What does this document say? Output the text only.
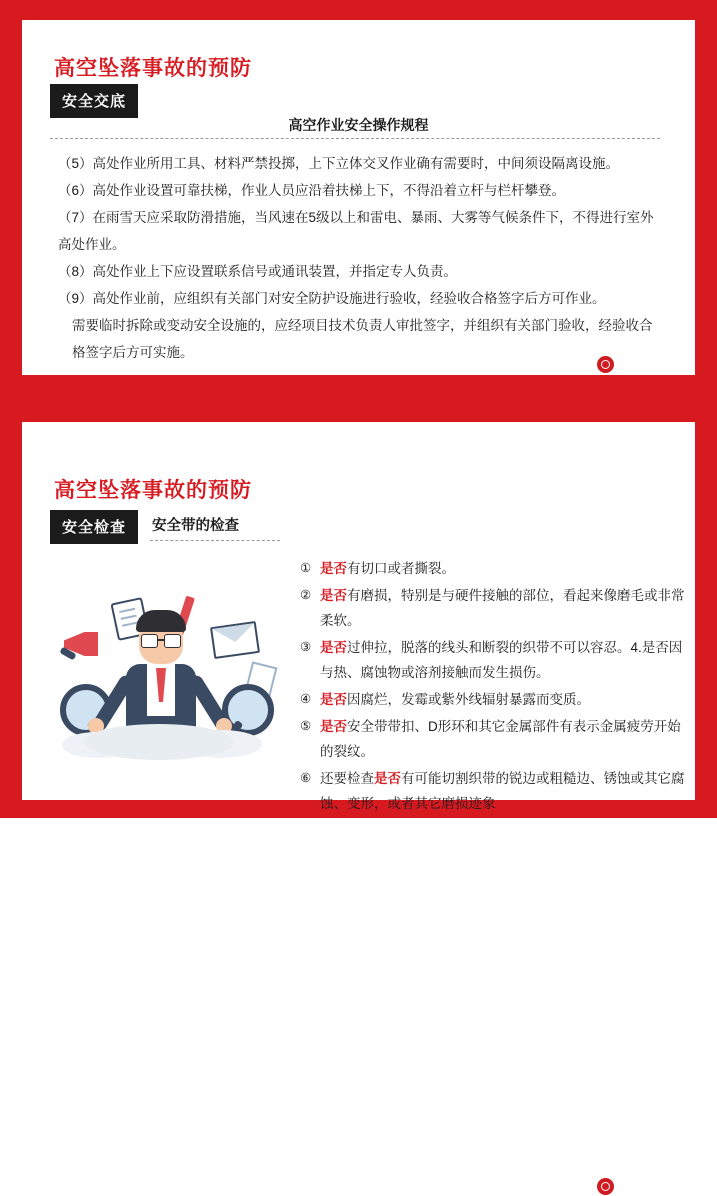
高空坠落事故的预防
安全交底
高空作业安全操作规程

（5）高处作业所用工具、材料严禁投掷，上下立体交叉作业确有需要时，中间须设隔离设施。

（6）高处作业设置可靠扶梯，作业人员应沿着扶梯上下，不得沿着立杆与栏杆攀登。

（7）在雨雪天应采取防滑措施，当风速在5级以上和雷电、暴雨、大雾等气候条件下，不得进行室外高处作业。

（8）高处作业上下应设置联系信号或通讯装置，并指定专人负责。

（9）高处作业前，应组织有关部门对安全防护设施进行验收，经验收合格签字后方可作业。

需要临时拆除或变动安全设施的，应经项目技术负责人审批签字，并组织有关部门验收，经验收合格签字后方可实施。

安全茂
高空坠落事故的预防
安全检查	安全带的检查
① 是否有切口或者撕裂。
② 是否有磨损，特别是与硬件接触的部位，看起来像磨毛或非常柔软。
③ 是否过伸拉，脱落的线头和断裂的织带不可以容忍。4.是否因与热、腐蚀物或溶剂接触而发生损伤。
④ 是否因腐烂，发霉或紫外线辐射暴露而变质。
⑤ 是否安全带带扣、D形环和其它金属部件有表示金属疲劳开始的裂纹。
⑥ 还要检查是否有可能切割织带的锐边或粗糙边、锈蚀或其它腐蚀、变形，或者其它磨损迹象
安全茂
